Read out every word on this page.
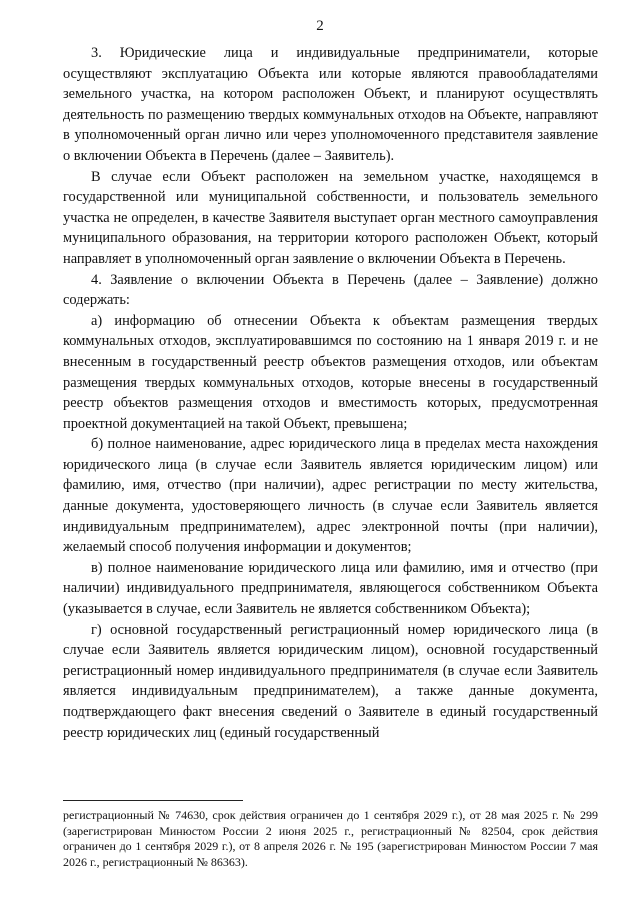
2

3. Юридические лица и индивидуальные предприниматели, которые осуществляют эксплуатацию Объекта или которые являются правообладателями земельного участка, на котором расположен Объект, и планируют осуществлять деятельность по размещению твердых коммунальных отходов на Объекте, направляют в уполномоченный орган лично или через уполномоченного представителя заявление о включении Объекта в Перечень (далее – Заявитель).

В случае если Объект расположен на земельном участке, находящемся в государственной или муниципальной собственности, и пользователь земельного участка не определен, в качестве Заявителя выступает орган местного самоуправления муниципального образования, на территории которого расположен Объект, который направляет в уполномоченный орган заявление о включении Объекта в Перечень.

4. Заявление о включении Объекта в Перечень (далее – Заявление) должно содержать:

а) информацию об отнесении Объекта к объектам размещения твердых коммунальных отходов, эксплуатировавшимся по состоянию на 1 января 2019 г. и не внесенным в государственный реестр объектов размещения отходов, или объектам размещения твердых коммунальных отходов, которые внесены в государственный реестр объектов размещения отходов и вместимость которых, предусмотренная проектной документацией на такой Объект, превышена;

б) полное наименование, адрес юридического лица в пределах места нахождения юридического лица (в случае если Заявитель является юридическим лицом) или фамилию, имя, отчество (при наличии), адрес регистрации по месту жительства, данные документа, удостоверяющего личность (в случае если Заявитель является индивидуальным предпринимателем), адрес электронной почты (при наличии), желаемый способ получения информации и документов;

в) полное наименование юридического лица или фамилию, имя и отчество (при наличии) индивидуального предпринимателя, являющегося собственником Объекта (указывается в случае, если Заявитель не является собственником Объекта);

г) основной государственный регистрационный номер юридического лица (в случае если Заявитель является юридическим лицом), основной государственный регистрационный номер индивидуального предпринимателя (в случае если Заявитель является индивидуальным предпринимателем), а также данные документа, подтверждающего факт внесения сведений о Заявителе в единый государственный реестр юридических лиц (единый государственный

регистрационный № 74630, срок действия ограничен до 1 сентября 2029 г.), от 28 мая 2025 г. № 299 (зарегистрирован Минюстом России 2 июня 2025 г., регистрационный № 82504, срок действия ограничен до 1 сентября 2029 г.), от 8 апреля 2026 г. № 195 (зарегистрирован Минюстом России 7 мая 2026 г., регистрационный № 86363).
